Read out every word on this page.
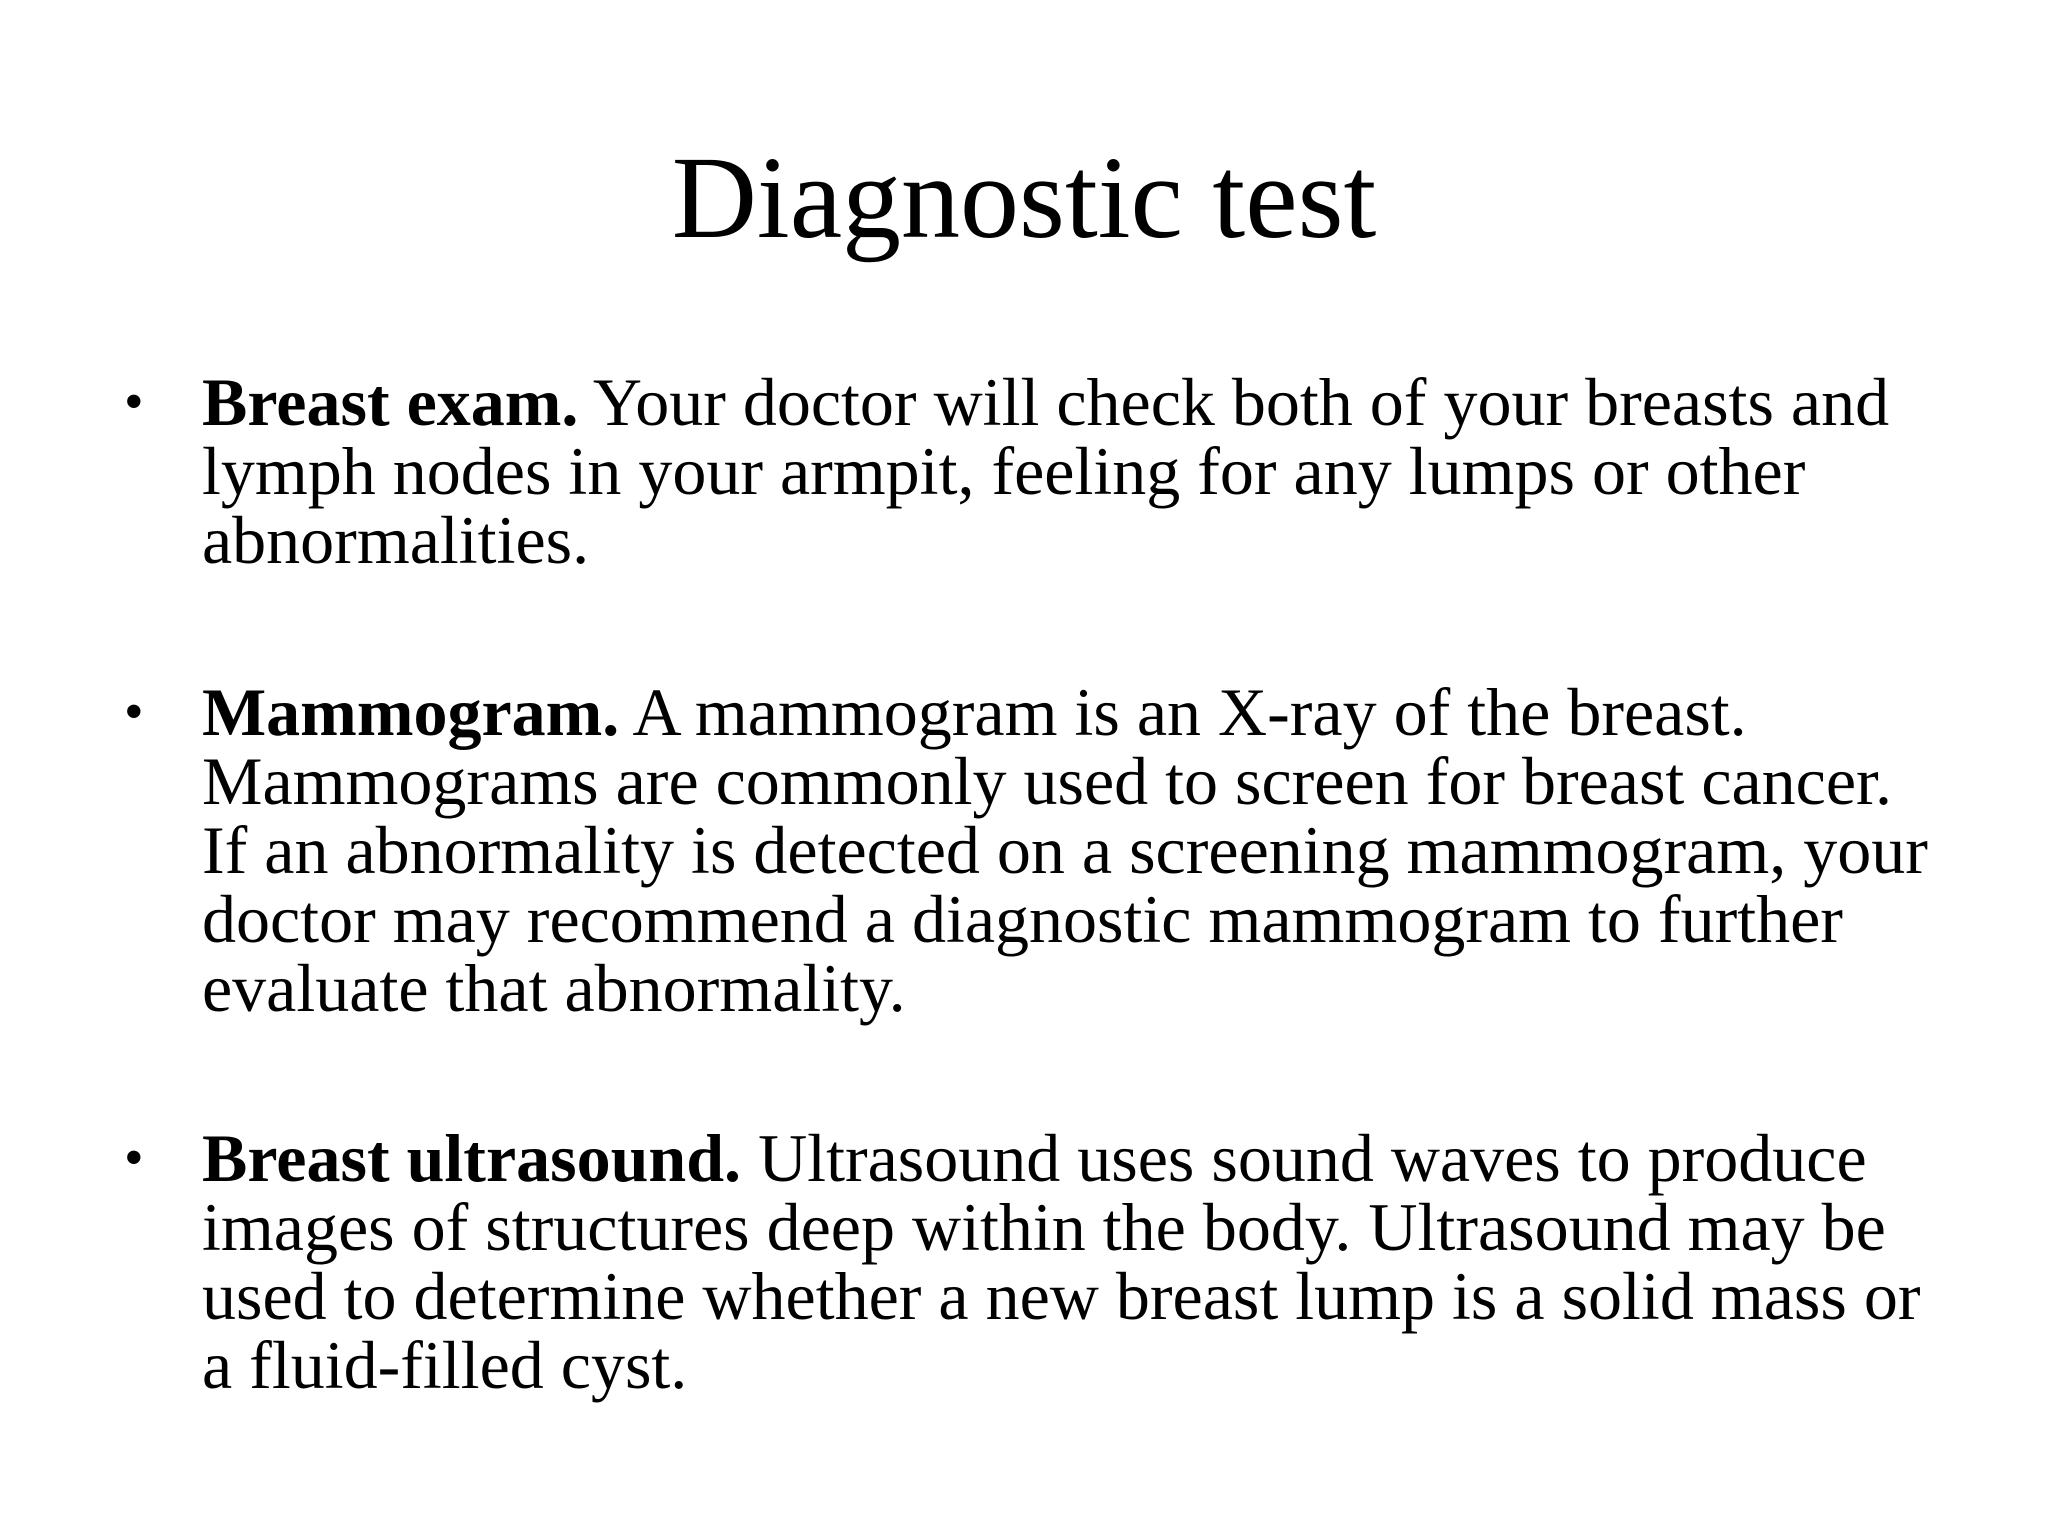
Diagnostic test
• Breast exam. Your doctor will check both of your breasts and lymph nodes in your armpit, feeling for any lumps or other abnormalities.
• Mammogram. A mammogram is an X-ray of the breast. Mammograms are commonly used to screen for breast cancer. If an abnormality is detected on a screening mammogram, your doctor may recommend a diagnostic mammogram to further evaluate that abnormality.
• Breast ultrasound. Ultrasound uses sound waves to produce images of structures deep within the body. Ultrasound may be used to determine whether a new breast lump is a solid mass or a fluid-filled cyst.
